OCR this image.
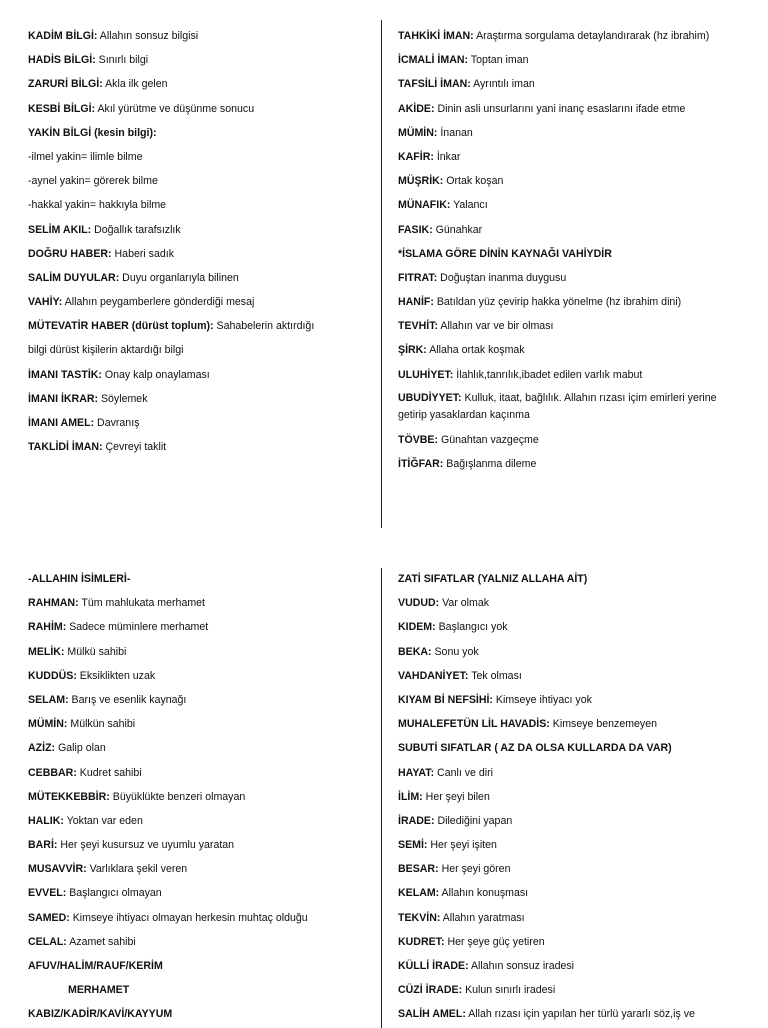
KADİM BİLGİ: Allahın sonsuz bilgisi
HADİS BİLGİ: Sınırlı bilgi
ZARURİ BİLGİ: Akla ilk gelen
KESBİ BİLGİ: Akıl yürütme ve düşünme sonucu
YAKİN BİLGİ (kesin bilgi):
-ilmel yakin= ilimle bilme
-aynel yakin= görerek bilme
-hakkal yakin= hakkıyla bilme
SELİM AKIL: Doğallık tarafsızlık
DOĞRU HABER: Haberi sadık
SALİM DUYULAR: Duyu organlarıyla bilinen
VAHİY: Allahın peygamberlere gönderdiği mesaj
MÜTEVATİR HABER (dürüst toplum): Sahabelerin aktırdığı
bilgi dürüst kişilerin aktardığı bilgi
İMANI TASTİK: Onay kalp onaylaması
İMANI İKRAR: Söylemek
İMANI AMEL: Davranış
TAKLİDİ İMAN: Çevreyi taklit
TAHKİKİ İMAN: Araştırma sorgulama detaylandırarak (hz ibrahim)
İCMALİ İMAN: Toptan iman
TAFSİLİ İMAN: Ayrıntılı iman
AKİDE: Dinin asli unsurlarını yani inanç esaslarını ifade etme
MÜMİN: İnanan
KAFİR: İnkar
MÜŞRİK: Ortak koşan
MÜNAFIK: Yalancı
FASIK: Günahkar
*İSLAMA GÖRE DİNİN KAYNAĞI VAHİYDİR
FITRAT: Doğuştan inanma duygusu
HANİF: Batıldan yüz çevirip hakka yönelme (hz ibrahim dini)
TEVHİT: Allahın var ve bir olması
ŞİRK: Allaha ortak koşmak
ULUHİYET: İlahlık,tanrılık,ibadet edilen varlık mabut
UBUDİYYET: Kulluk, itaat, bağlılık. Allahın rızası içim emirleri yerine getirip yasaklardan kaçınma
TÖVBE: Günahtan vazgeçme
İTİĞFAR: Bağışlanma dileme
-ALLAHIN İSİMLERİ-
RAHMAN: Tüm mahlukata merhamet
RAHİM: Sadece müminlere merhamet
MELİK: Mülkü sahibi
KUDDÜS: Eksiklikten uzak
SELAM: Barış ve esenlik kaynağı
MÜMİN: Mülkün sahibi
AZİZ: Galip olan
CEBBAR: Kudret sahibi
MÜTEKKEBBİR: Büyüklükte benzeri olmayan
HALIK: Yoktan var eden
BARİ: Her şeyi kusursuz ve uyumlu yaratan
MUSAVVİR: Varlıklara şekil veren
EVVEL: Başlangıcı olmayan
SAMED: Kimseye ihtiyacı olmayan herkesin muhtaç olduğu
CELAL: Azamet sahibi
AFUV/HALİM/RAUF/KERİM
MERHAMET
KABIZ/KADİR/KAVİ/KAYYUM
ZATİ SIFATLAR (YALNIZ ALLAHA AİT)
VUDUD: Var olmak
KIDEM: Başlangıcı yok
BEKA: Sonu yok
VAHDANİYET: Tek olması
KIYAM Bİ NEFSİHİ: Kimseye ihtiyacı yok
MUHALEFETÜN LİL HAVADİS: Kimseye benzemeyen
SUBUTİ SIFATLAR ( AZ DA OLSA KULLARDA DA VAR)
HAYAT: Canlı ve diri
İLİM: Her şeyi bilen
İRADE: Dilediğini yapan
SEMİ: Her şeyi işiten
BESAR: Her şeyi gören
KELAM: Allahın konuşması
TEKVİN: Allahın yaratması
KUDRET: Her şeye güç yetiren
KÜLLİ İRADE: Allahın sonsuz iradesi
CÜZİ İRADE: Kulun sınırlı iradesi
SALİH AMEL: Allah rızası için yapılan her türlü yararlı söz,iş ve
